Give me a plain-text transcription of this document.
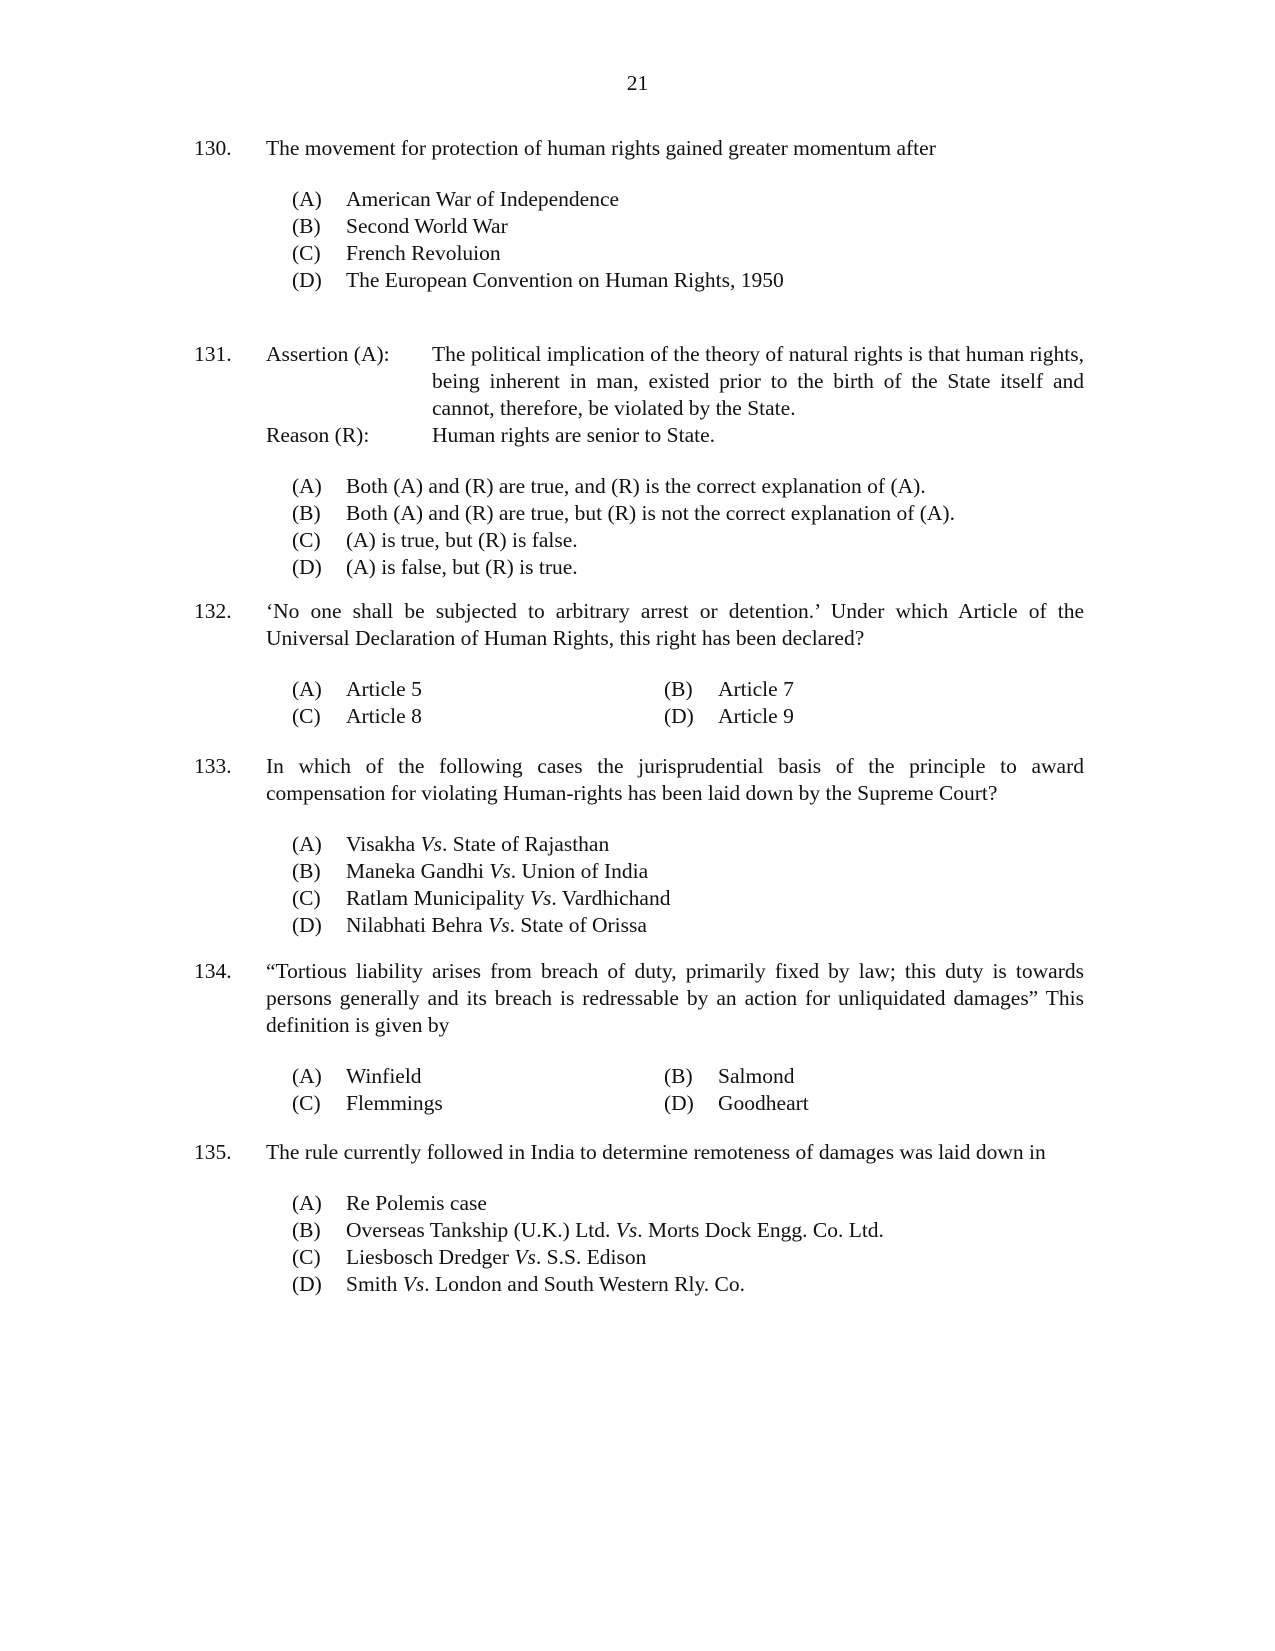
21
130. The movement for protection of human rights gained greater momentum after
(A)	American War of Independence
(B)	Second World War
(C)	French Revoluion
(D)	The European Convention on Human Rights, 1950
131. Assertion (A):	The political implication of the theory of natural rights is that human rights, being inherent in man, existed prior to the birth of the State itself and cannot, therefore, be violated by the State.
Reason (R):	Human rights are senior to State.
(A)	Both (A) and (R) are true, and (R) is the correct explanation of (A).
(B)	Both (A) and (R) are true, but (R) is not the correct explanation of (A).
(C)	(A) is true, but (R) is false.
(D)	(A) is false, but (R) is true.
132. ‘No one shall be subjected to arbitrary arrest or detention.’ Under which Article of the Universal Declaration of Human Rights, this right has been declared?
(A)	Article 5	(B)	Article 7
(C)	Article 8	(D)	Article 9
133. In which of the following cases the jurisprudential basis of the principle to award compensation for violating Human-rights has been laid down by the Supreme Court?
(A)	Visakha Vs. State of Rajasthan
(B)	Maneka Gandhi Vs. Union of India
(C)	Ratlam Municipality Vs. Vardhichand
(D)	Nilabhati Behra Vs. State of Orissa
134. “Tortious liability arises from breach of duty, primarily fixed by law; this duty is towards persons generally and its breach is redressable by an action for unliquidated damages” This definition is given by
(A)	Winfield	(B)	Salmond
(C)	Flemmings	(D)	Goodheart
135. The rule currently followed in India to determine remoteness of damages was laid down in
(A)	Re Polemis case
(B)	Overseas Tankship (U.K.) Ltd. Vs. Morts Dock Engg. Co. Ltd.
(C)	Liesbosch Dredger Vs. S.S. Edison
(D)	Smith Vs. London and South Western Rly. Co.
